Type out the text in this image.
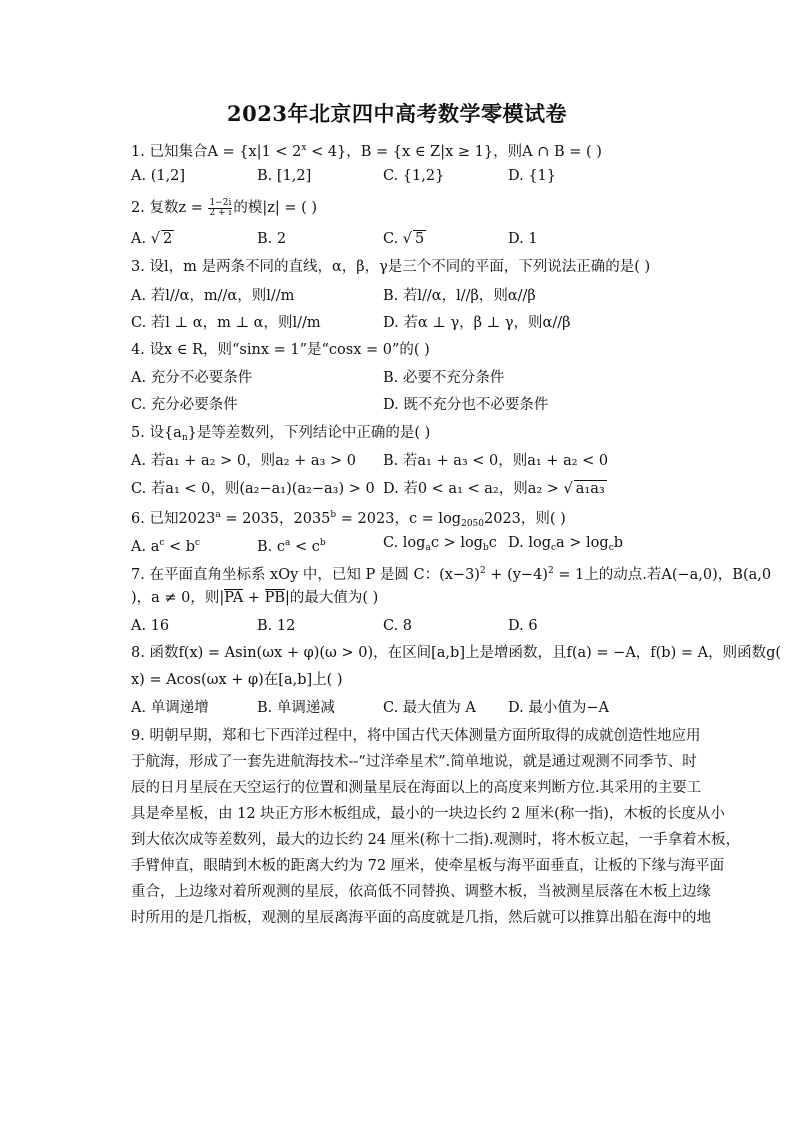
2023年北京四中高考数学零模试卷
1. 已知集合$A = \{x|1 < 2^x < 4\}$，B = {x ∈ Z|x ≥ 1}，则A ∩ B = ( )
A. (1,2]	B. [1,2]	C. {1,2}	D. {1}
2. 复数$z = \frac{1-2i}{2 + i}$ 的模|z| = ( )
A. √ 2	B. 2	C. √ 5	D. 1
3. 设l，m 是两条不同的直线，α，β，γ是三个不同的平面，下列说法正确的是( )
A. 若l//α，m//α，则l//m	B. 若l//α，l//β，则α//β
C. 若l ⊥ α，m ⊥ α，则l//m	D. 若α ⊥ γ，β ⊥ γ，则α//β
4. 设x ∈ R，则“sinx = 1”是“cosx = 0”的( )
A. 充分不必要条件	B. 必要不充分条件
C. 充分必要条件	D. 既不充分也不必要条件
5. 设$\{a_n\}$是等差数列，下列结论中正确的是( )
A. 若a₁ + a₂ > 0，则a₂ + a₃ > 0 B. 若a₁ + a₃ < 0，则a₁ + a₂ < 0
C. 若a₁ < 0，则(a₂−a₁)(a₂−a₃) > 0 D. 若0 < a₁ < a₂，则a₂ > √ a₁a₃
6. 已知$2023^a = 2035$，$2035^b = 2023$，$c = \log_{2050}2023$，则( )
A. $a^c < b^c$	B. $c^a < c^b$	C. $\log_ac > \log_bc$ D. $\log_ca > \log_cb$
7. 在平面直角坐标系 xOy 中，已知 P 是圆 C：$(x-3)^2 + (y-4)^2 = 1$上的动点.若A(−a,0)，B(a,0
)，a ≠ 0，则|PA + PB|的最大值为( )
A. 16	B. 12	C. 8	D. 6
8. 函数f(x) = Asin(ωx + φ)(ω > 0)，在区间[a,b]上是增函数，且f(a) = −A，f(b) = A，则函数g(
x) = Acos(ωx + φ)在[a,b]上( )
A. 单调递增	B. 单调递减	C. 最大值为 A D. 最小值为−A
9. 明朝早期，郑和七下西洋过程中，将中国古代天体测量方面所取得的成就创造性地应用
于航海，形成了一套先进航海技术--“过洋牵星术”.简单地说，就是通过观测不同季节、时
辰的日月星辰在天空运行的位置和测量星辰在海面以上的高度来判断方位.其采用的主要工
具是牵星板，由 12 块正方形木板组成，最小的一块边长约 2 厘米(称一指)，木板的长度从小
到大依次成等差数列，最大的边长约 24 厘米(称十二指).观测时，将木板立起，一手拿着木板，
手臂伸直，眼睛到木板的距离大约为 72 厘米，使牵星板与海平面垂直，让板的下缘与海平面
重合，上边缘对着所观测的星辰，依高低不同替换、调整木板，当被测星辰落在木板上边缘
时所用的是几指板，观测的星辰离海平面的高度就是几指，然后就可以推算出船在海中的地
